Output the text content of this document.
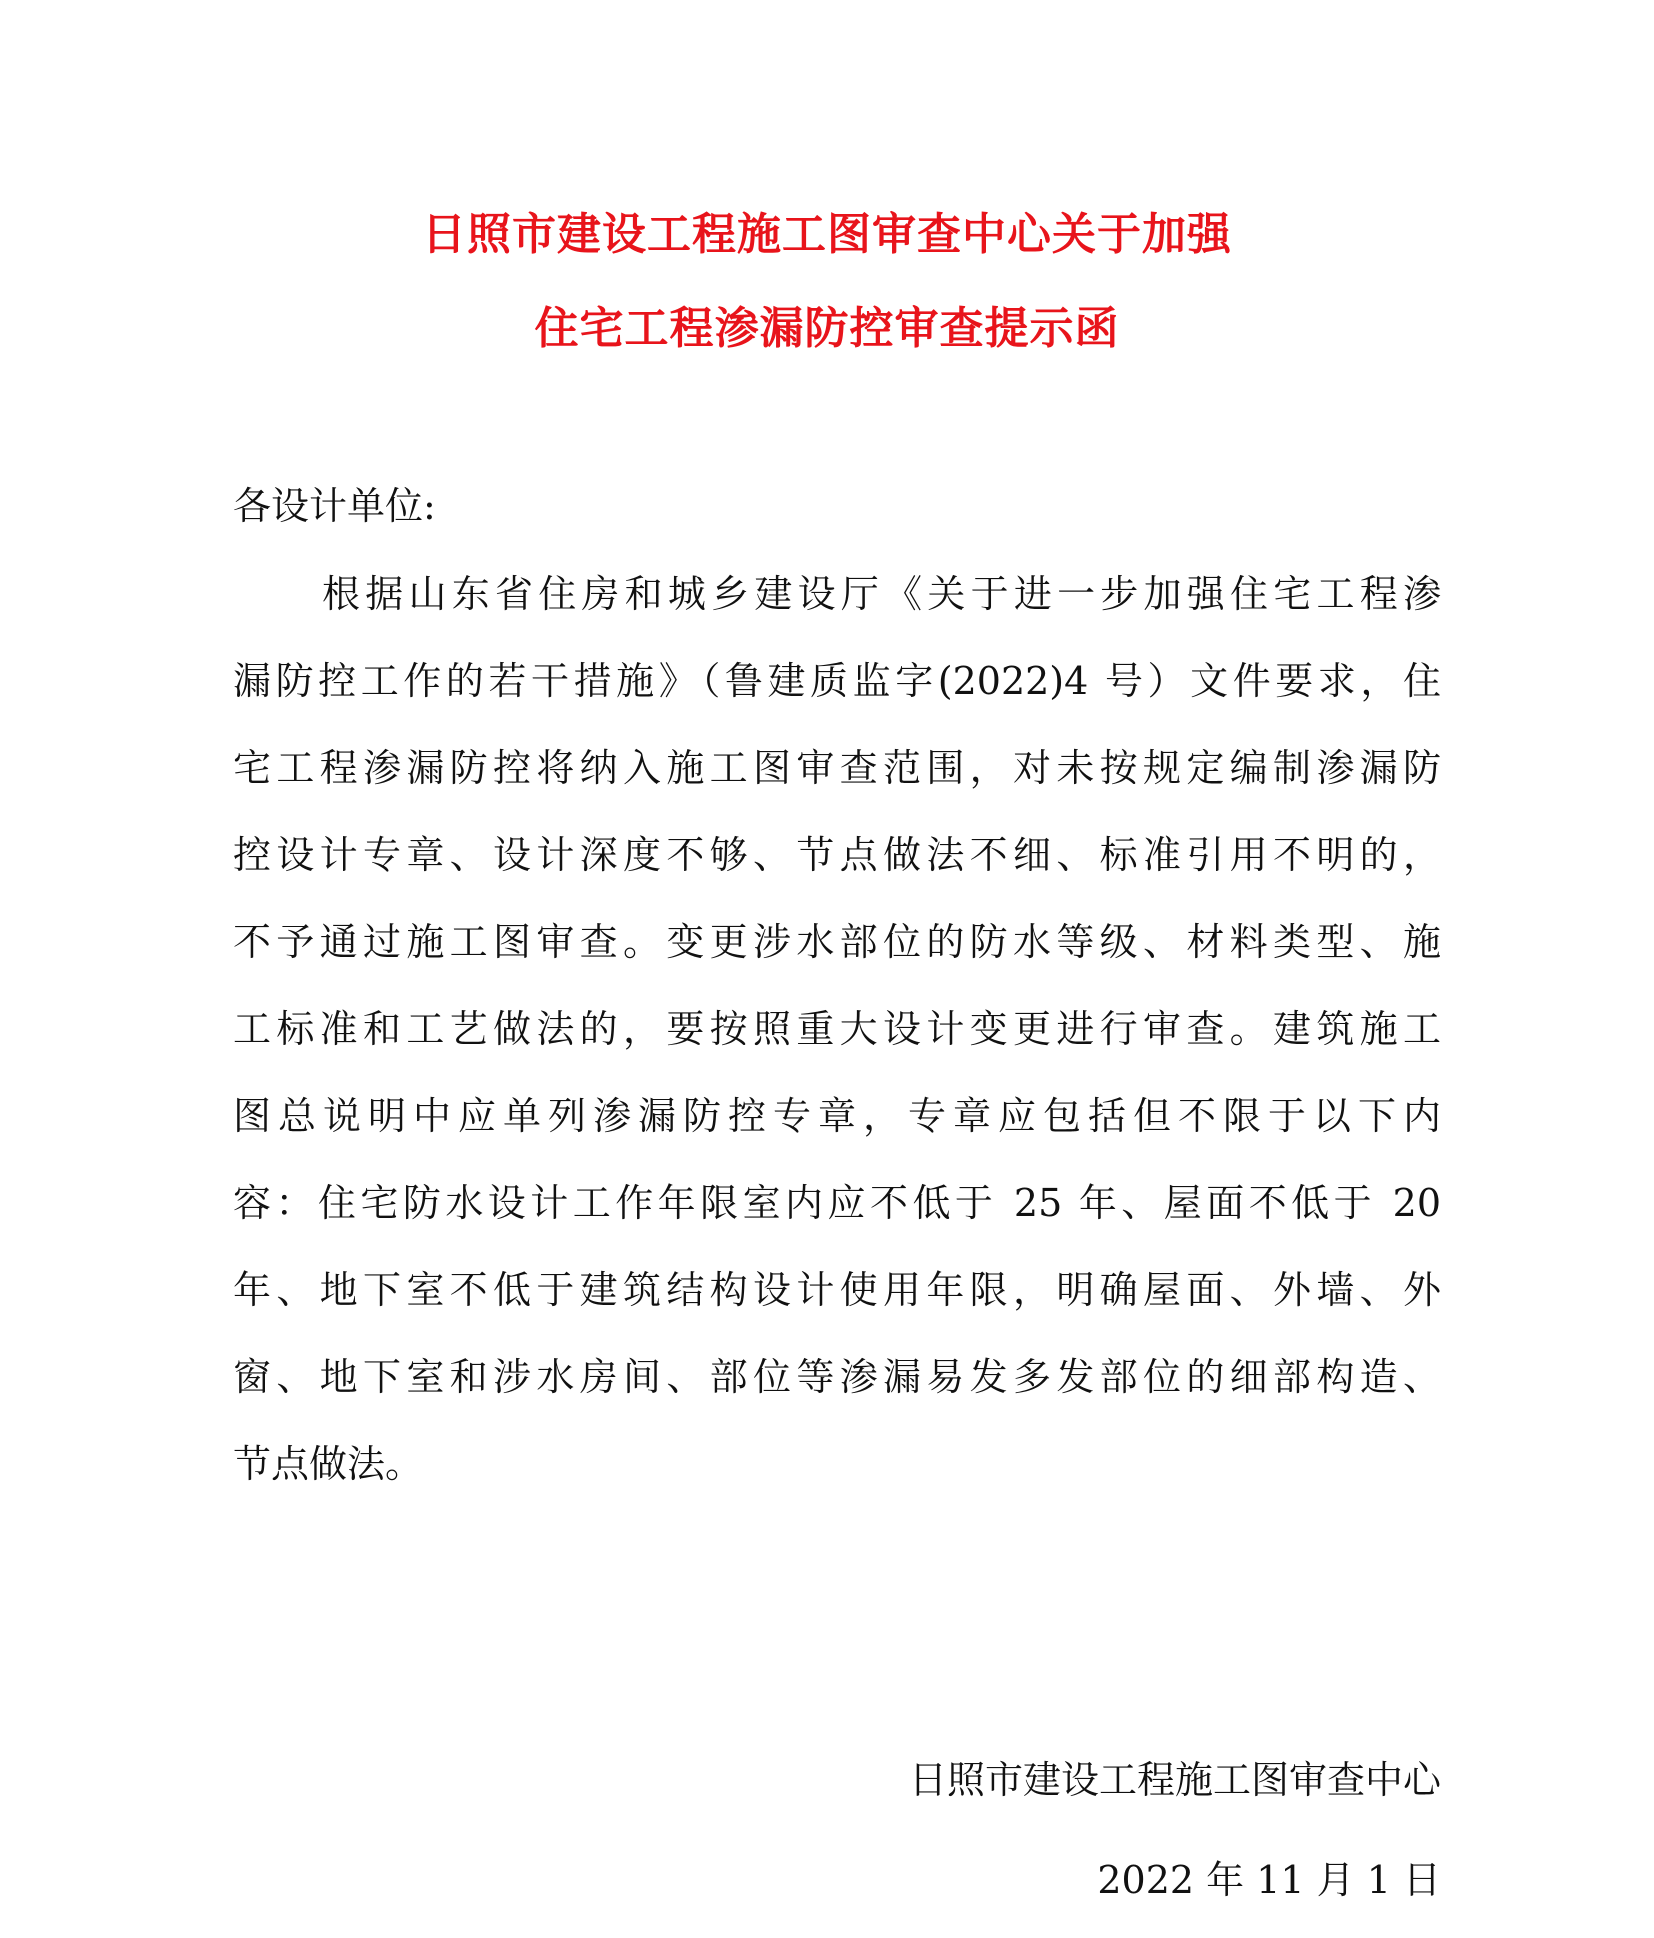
日照市建设工程施工图审查中心关于加强
住宅工程渗漏防控审查提示函
各设计单位:
根据山东省住房和城乡建设厅《关于进一步加强住宅工程渗
漏防控工作的若干措施》（鲁建质监字(2022)4 号）文件要求，住
宅工程渗漏防控将纳入施工图审查范围，对未按规定编制渗漏防
控设计专章、设计深度不够、节点做法不细、标准引用不明的，
不予通过施工图审查。变更涉水部位的防水等级、材料类型、施
工标准和工艺做法的，要按照重大设计变更进行审查。建筑施工
图总说明中应单列渗漏防控专章，专章应包括但不限于以下内
容：住宅防水设计工作年限室内应不低于 25 年、屋面不低于 20
年、地下室不低于建筑结构设计使用年限，明确屋面、外墙、外
窗、地下室和涉水房间、部位等渗漏易发多发部位的细部构造、
节点做法。
日照市建设工程施工图审查中心
2022 年 11 月 1 日
